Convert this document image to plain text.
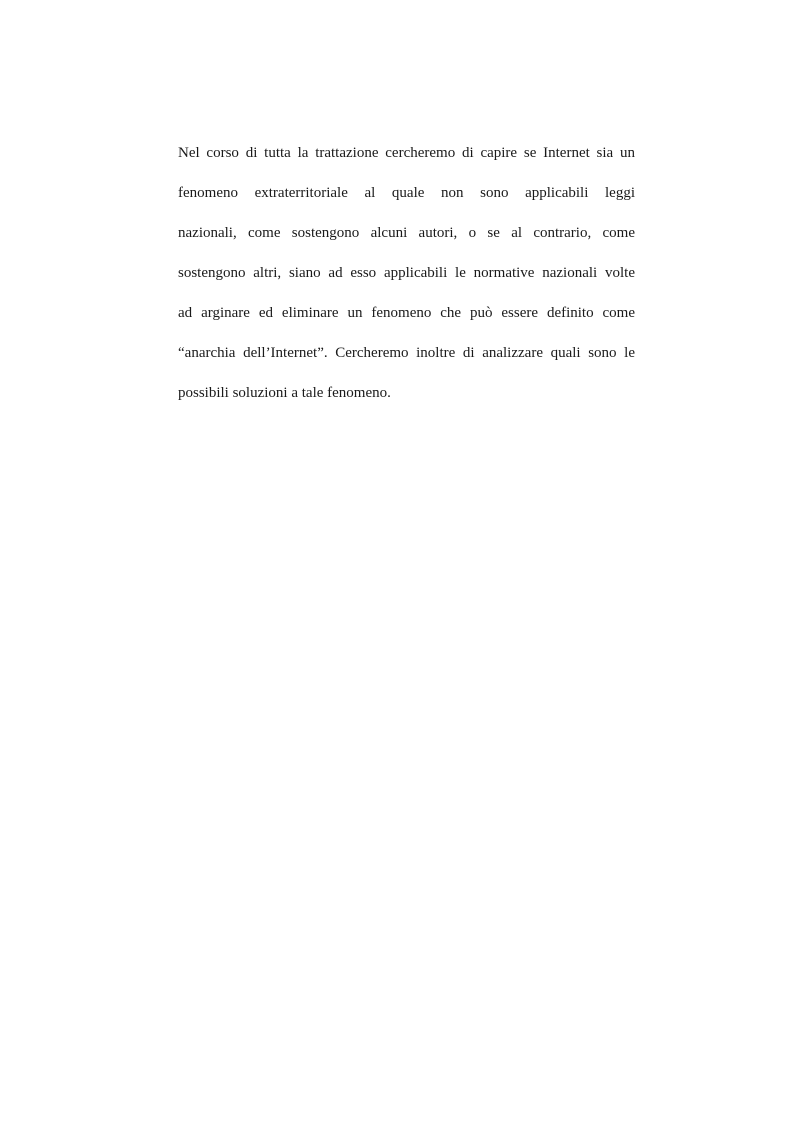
Nel corso di tutta la trattazione cercheremo di capire se Internet sia un
fenomeno extraterritoriale al quale non sono applicabili leggi
nazionali, come sostengono alcuni autori, o se al contrario, come
sostengono altri, siano ad esso applicabili le normative nazionali volte
ad arginare ed eliminare un fenomeno che può essere definito come
“anarchia dell’Internet”. Cercheremo inoltre di analizzare quali sono le
possibili soluzioni a tale fenomeno.
